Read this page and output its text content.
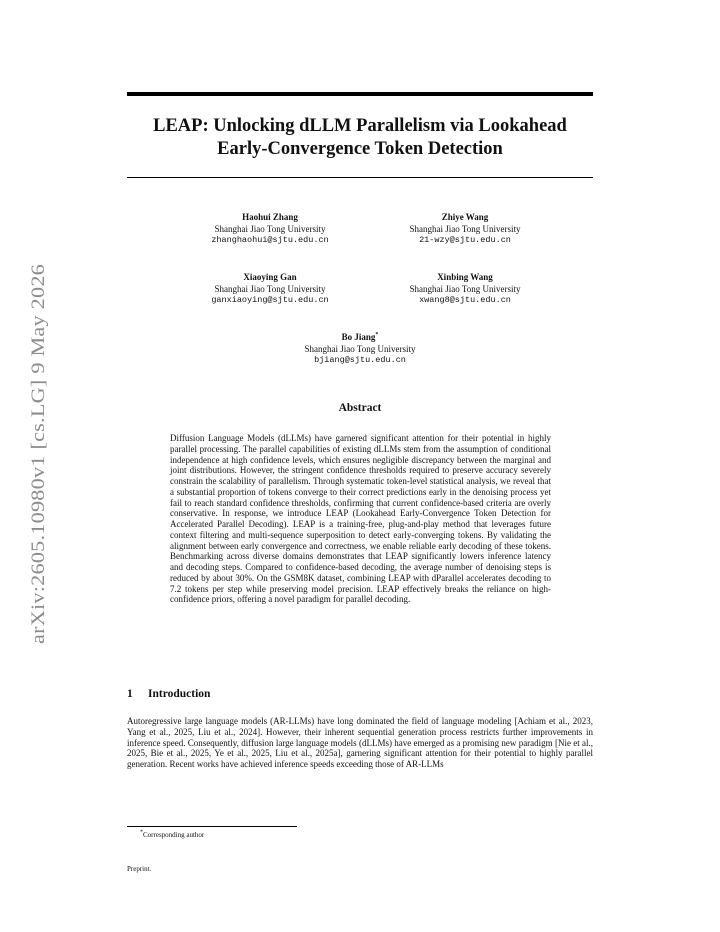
arXiv:2605.10980v1 [cs.LG] 9 May 2026
LEAP: Unlocking dLLM Parallelism via Lookahead Early-Convergence Token Detection
Haohui Zhang
Shanghai Jiao Tong University
zhanghaohui@sjtu.edu.cn
Zhiye Wang
Shanghai Jiao Tong University
21-wzy@sjtu.edu.cn
Xiaoying Gan
Shanghai Jiao Tong University
ganxiaoying@sjtu.edu.cn
Xinbing Wang
Shanghai Jiao Tong University
xwang8@sjtu.edu.cn
Bo Jiang*
Shanghai Jiao Tong University
bjiang@sjtu.edu.cn
Abstract

Diffusion Language Models (dLLMs) have garnered significant attention for their potential in highly parallel processing. The parallel capabilities of existing dLLMs stem from the assumption of conditional independence at high confidence levels, which ensures negligible discrepancy between the marginal and joint distributions. However, the stringent confidence thresholds required to preserve accuracy severely constrain the scalability of parallelism. Through systematic token-level statistical analysis, we reveal that a substantial proportion of tokens converge to their correct predictions early in the denoising process yet fail to reach standard confidence thresholds, confirming that current confidence-based criteria are overly conservative. In response, we introduce LEAP (Lookahead Early-Convergence Token Detection for Accelerated Parallel Decoding). LEAP is a training-free, plug-and-play method that leverages future context filtering and multi-sequence superposition to detect early-converging tokens. By validating the alignment between early convergence and correctness, we enable reliable early decoding of these tokens. Benchmarking across diverse domains demonstrates that LEAP significantly lowers inference latency and decoding steps. Compared to confidence-based decoding, the average number of denoising steps is reduced by about 30%. On the GSM8K dataset, combining LEAP with dParallel accelerates decoding to 7.2 tokens per step while preserving model precision. LEAP effectively breaks the reliance on high-confidence priors, offering a novel paradigm for parallel decoding.

1 Introduction

Autoregressive large language models (AR-LLMs) have long dominated the field of language modeling [Achiam et al., 2023, Yang et al., 2025, Liu et al., 2024]. However, their inherent sequential generation process restricts further improvements in inference speed. Consequently, diffusion large language models (dLLMs) have emerged as a promising new paradigm [Nie et al., 2025, Bie et al., 2025, Ye et al., 2025, Liu et al., 2025a], garnering significant attention for their potential to highly parallel generation. Recent works have achieved inference speeds exceeding those of AR-LLMs

*Corresponding author
Preprint.
